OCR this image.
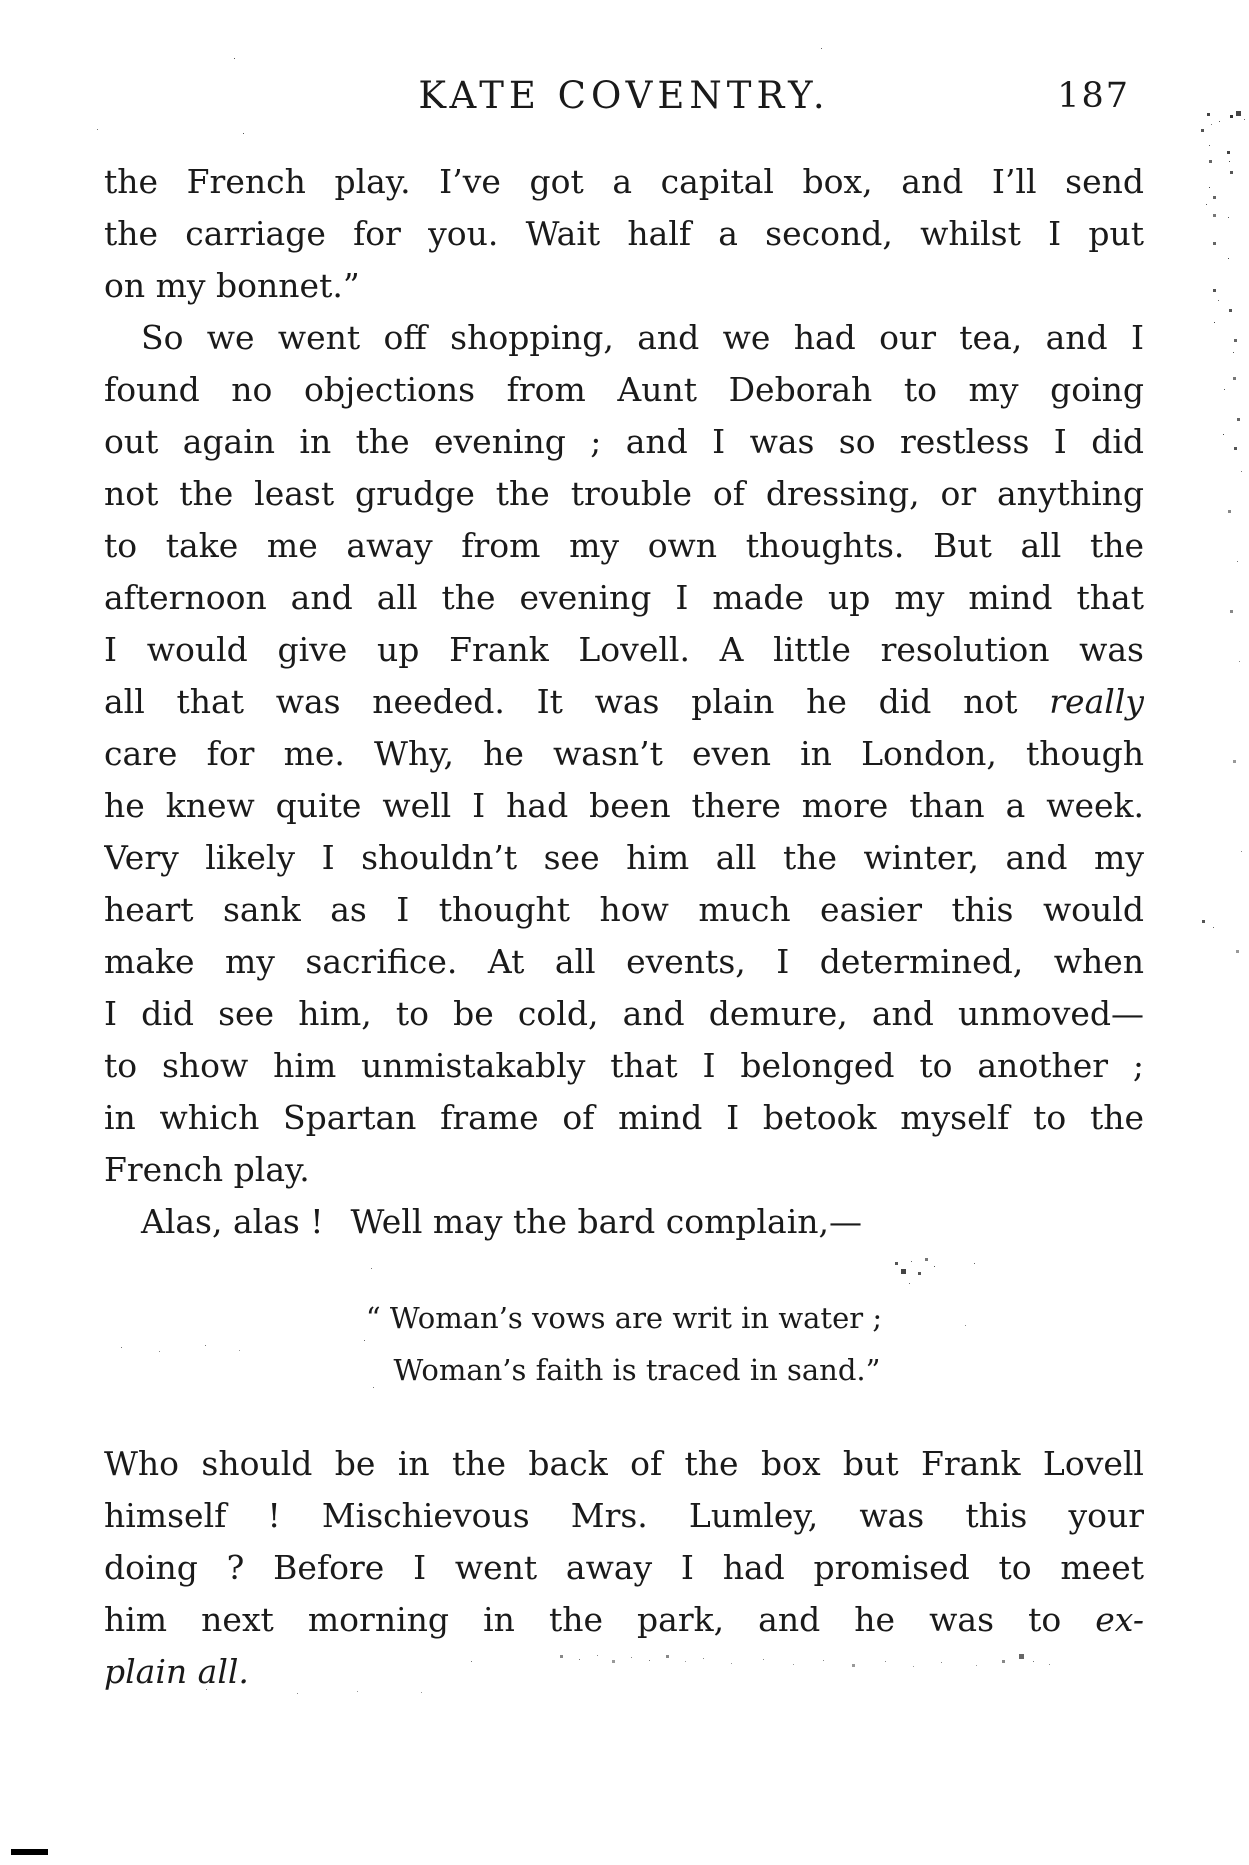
KATE COVENTRY.	187
the French play. I’ve got a capital box, and I’ll send
the carriage for you. Wait half a second, whilst I put
on my bonnet.”
So we went off shopping, and we had our tea, and I
found no objections from Aunt Deborah to my going
out again in the evening ; and I was so restless I did
not the least grudge the trouble of dressing, or anything
to take me away from my own thoughts. But all the
afternoon and all the evening I made up my mind that
I would give up Frank Lovell. A little resolution was
all that was needed. It was plain he did not really
care for me. Why, he wasn’t even in London, though
he knew quite well I had been there more than a week.
Very likely I shouldn’t see him all the winter, and my
heart sank as I thought how much easier this would
make my sacrifice. At all events, I determined, when
I did see him, to be cold, and demure, and unmoved—
to show him unmistakably that I belonged to another ;
in which Spartan frame of mind I betook myself to the
French play.
Alas, alas !  Well may the bard complain,—
“ Woman’s vows are writ in water ;
Woman’s faith is traced in sand.”
Who should be in the back of the box but Frank Lovell
himself ! Mischievous Mrs. Lumley, was this your
doing ? Before I went away I had promised to meet
him next morning in the park, and he was to ex-
plain all.
